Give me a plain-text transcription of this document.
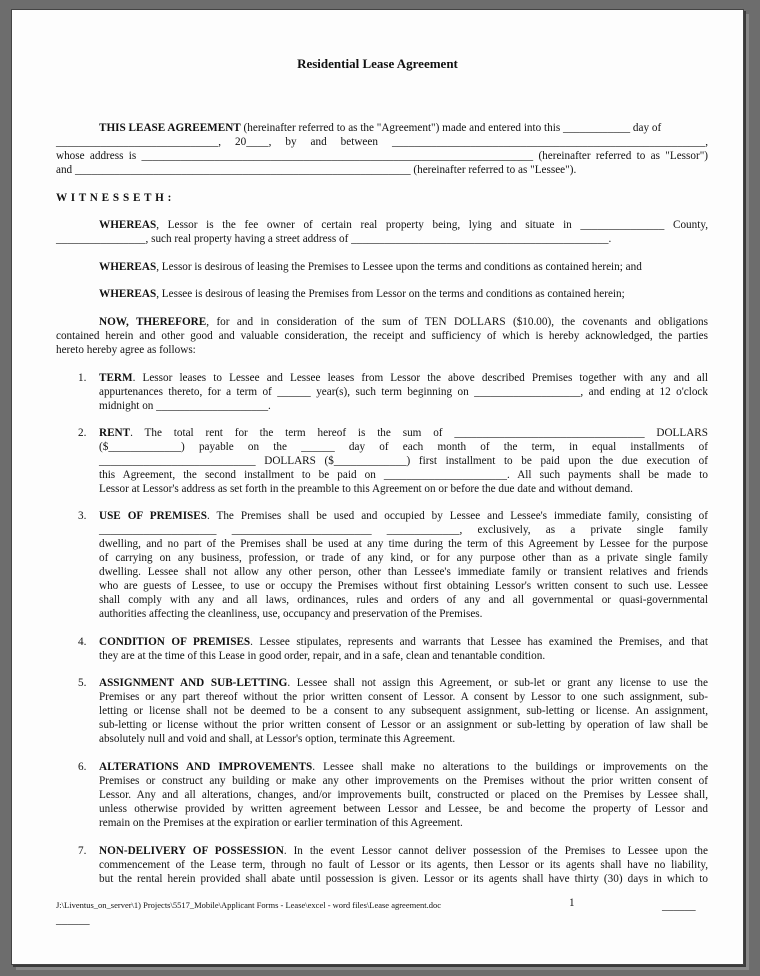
Residential Lease Agreement
THIS LEASE AGREEMENT (hereinafter referred to as the "Agreement") made and entered into this ____________ day of
_____________________________, 20____, by and between ________________________________________________________,
whose address is ______________________________________________________________________ (hereinafter referred to as "Lessor")
and ____________________________________________________________ (hereinafter referred to as "Lessee").
W I T N E S S E T H :
WHEREAS, Lessor is the fee owner of certain real property being, lying and situate in _______________ County,
________________, such real property having a street address of ______________________________________________.
WHEREAS, Lessor is desirous of leasing the Premises to Lessee upon the terms and conditions as contained herein; and
WHEREAS, Lessee is desirous of leasing the Premises from Lessor on the terms and conditions as contained herein;
NOW, THEREFORE, for and in consideration of the sum of TEN DOLLARS ($10.00), the covenants and obligations
contained herein and other good and valuable consideration, the receipt and sufficiency of which is hereby acknowledged, the parties
hereto hereby agree as follows:
1. TERM. Lessor leases to Lessee and Lessee leases from Lessor the above described Premises together with any and all
appurtenances thereto, for a term of ______ year(s), such term beginning on ___________________, and ending at 12 o'clock
midnight on ____________________.
2. RENT. The total rent for the term hereof is the sum of __________________________________ DOLLARS
($_____________) payable on the ______ day of each month of the term, in equal installments of
____________________________ DOLLARS ($_____________) first installment to be paid upon the due execution of
this Agreement, the second installment to be paid on ______________________. All such payments shall be made to
Lessor at Lessor's address as set forth in the preamble to this Agreement on or before the due date and without demand.
3. USE OF PREMISES. The Premises shall be used and occupied by Lessee and Lessee's immediate family, consisting of
_____________________ _________________________ _____________, exclusively, as a private single family
dwelling, and no part of the Premises shall be used at any time during the term of this Agreement by Lessee for the purpose
of carrying on any business, profession, or trade of any kind, or for any purpose other than as a private single family
dwelling. Lessee shall not allow any other person, other than Lessee's immediate family or transient relatives and friends
who are guests of Lessee, to use or occupy the Premises without first obtaining Lessor's written consent to such use. Lessee
shall comply with any and all laws, ordinances, rules and orders of any and all governmental or quasi-governmental
authorities affecting the cleanliness, use, occupancy and preservation of the Premises.
4. CONDITION OF PREMISES. Lessee stipulates, represents and warrants that Lessee has examined the Premises, and that
they are at the time of this Lease in good order, repair, and in a safe, clean and tenantable condition.
5. ASSIGNMENT AND SUB-LETTING. Lessee shall not assign this Agreement, or sub-let or grant any license to use the
Premises or any part thereof without the prior written consent of Lessor. A consent by Lessor to one such assignment, sub-
letting or license shall not be deemed to be a consent to any subsequent assignment, sub-letting or license. An assignment,
sub-letting or license without the prior written consent of Lessor or an assignment or sub-letting by operation of law shall be
absolutely null and void and shall, at Lessor's option, terminate this Agreement.
6. ALTERATIONS AND IMPROVEMENTS. Lessee shall make no alterations to the buildings or improvements on the
Premises or construct any building or make any other improvements on the Premises without the prior written consent of
Lessor. Any and all alterations, changes, and/or improvements built, constructed or placed on the Premises by Lessee shall,
unless otherwise provided by written agreement between Lessor and Lessee, be and become the property of Lessor and
remain on the Premises at the expiration or earlier termination of this Agreement.
7. NON-DELIVERY OF POSSESSION. In the event Lessor cannot deliver possession of the Premises to Lessee upon the
commencement of the Lease term, through no fault of Lessor or its agents, then Lessor or its agents shall have no liability,
but the rental herein provided shall abate until possession is given. Lessor or its agents shall have thirty (30) days in which to
J:\Liventus_on_server\1) Projects\5517_Mobile\Applicant Forms - Lease\excel - word files\Lease agreement.doc	1	______
______
